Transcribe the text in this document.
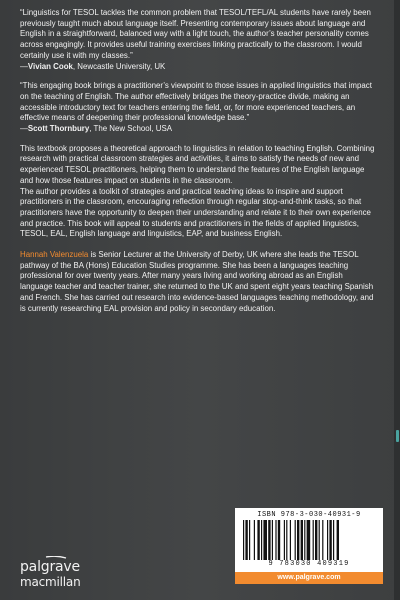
“Linguistics for TESOL tackles the common problem that TESOL/TEFL/AL students have rarely been previously taught much about language itself. Presenting contemporary issues about language and English in a straightforward, balanced way with a light touch, the author’s teacher personality comes across engagingly. It provides useful training exercises linking practically to the classroom. I would certainly use it with my classes.”

—Vivian Cook, Newcastle University, UK

“This engaging book brings a practitioner’s viewpoint to those issues in applied linguistics that impact on the teaching of English. The author effectively bridges the theory-practice divide, making an accessible introductory text for teachers entering the field, or, for more experienced teachers, an effective means of deepening their professional knowledge base.”

—Scott Thornbury, The New School, USA

This textbook proposes a theoretical approach to linguistics in relation to teaching English. Combining research with practical classroom strategies and activities, it aims to satisfy the needs of new and experienced TESOL practitioners, helping them to understand the features of the English language and how those features impact on students in the classroom.

The author provides a toolkit of strategies and practical teaching ideas to inspire and support practitioners in the classroom, encouraging reflection through regular stop-and-think tasks, so that practitioners have the opportunity to deepen their understanding and relate it to their own experience and practice. This book will appeal to students and practitioners in the fields of applied linguistics, TESOL, EAL, English language and linguistics, EAP, and business English.

Hannah Valenzuela is Senior Lecturer at the University of Derby, UK where she leads the TESOL pathway of the BA (Hons) Education Studies programme. She has been a languages teaching professional for over twenty years. After many years living and working abroad as an English language teacher and teacher trainer, she returned to the UK and spent eight years teaching Spanish and French. She has carried out research into evidence-based languages teaching methodology, and is currently researching EAL provision and policy in secondary education.

ISBN 978-3-030-40931-9
9 783030 409319
www.palgrave.com
palgrave
macmillan
